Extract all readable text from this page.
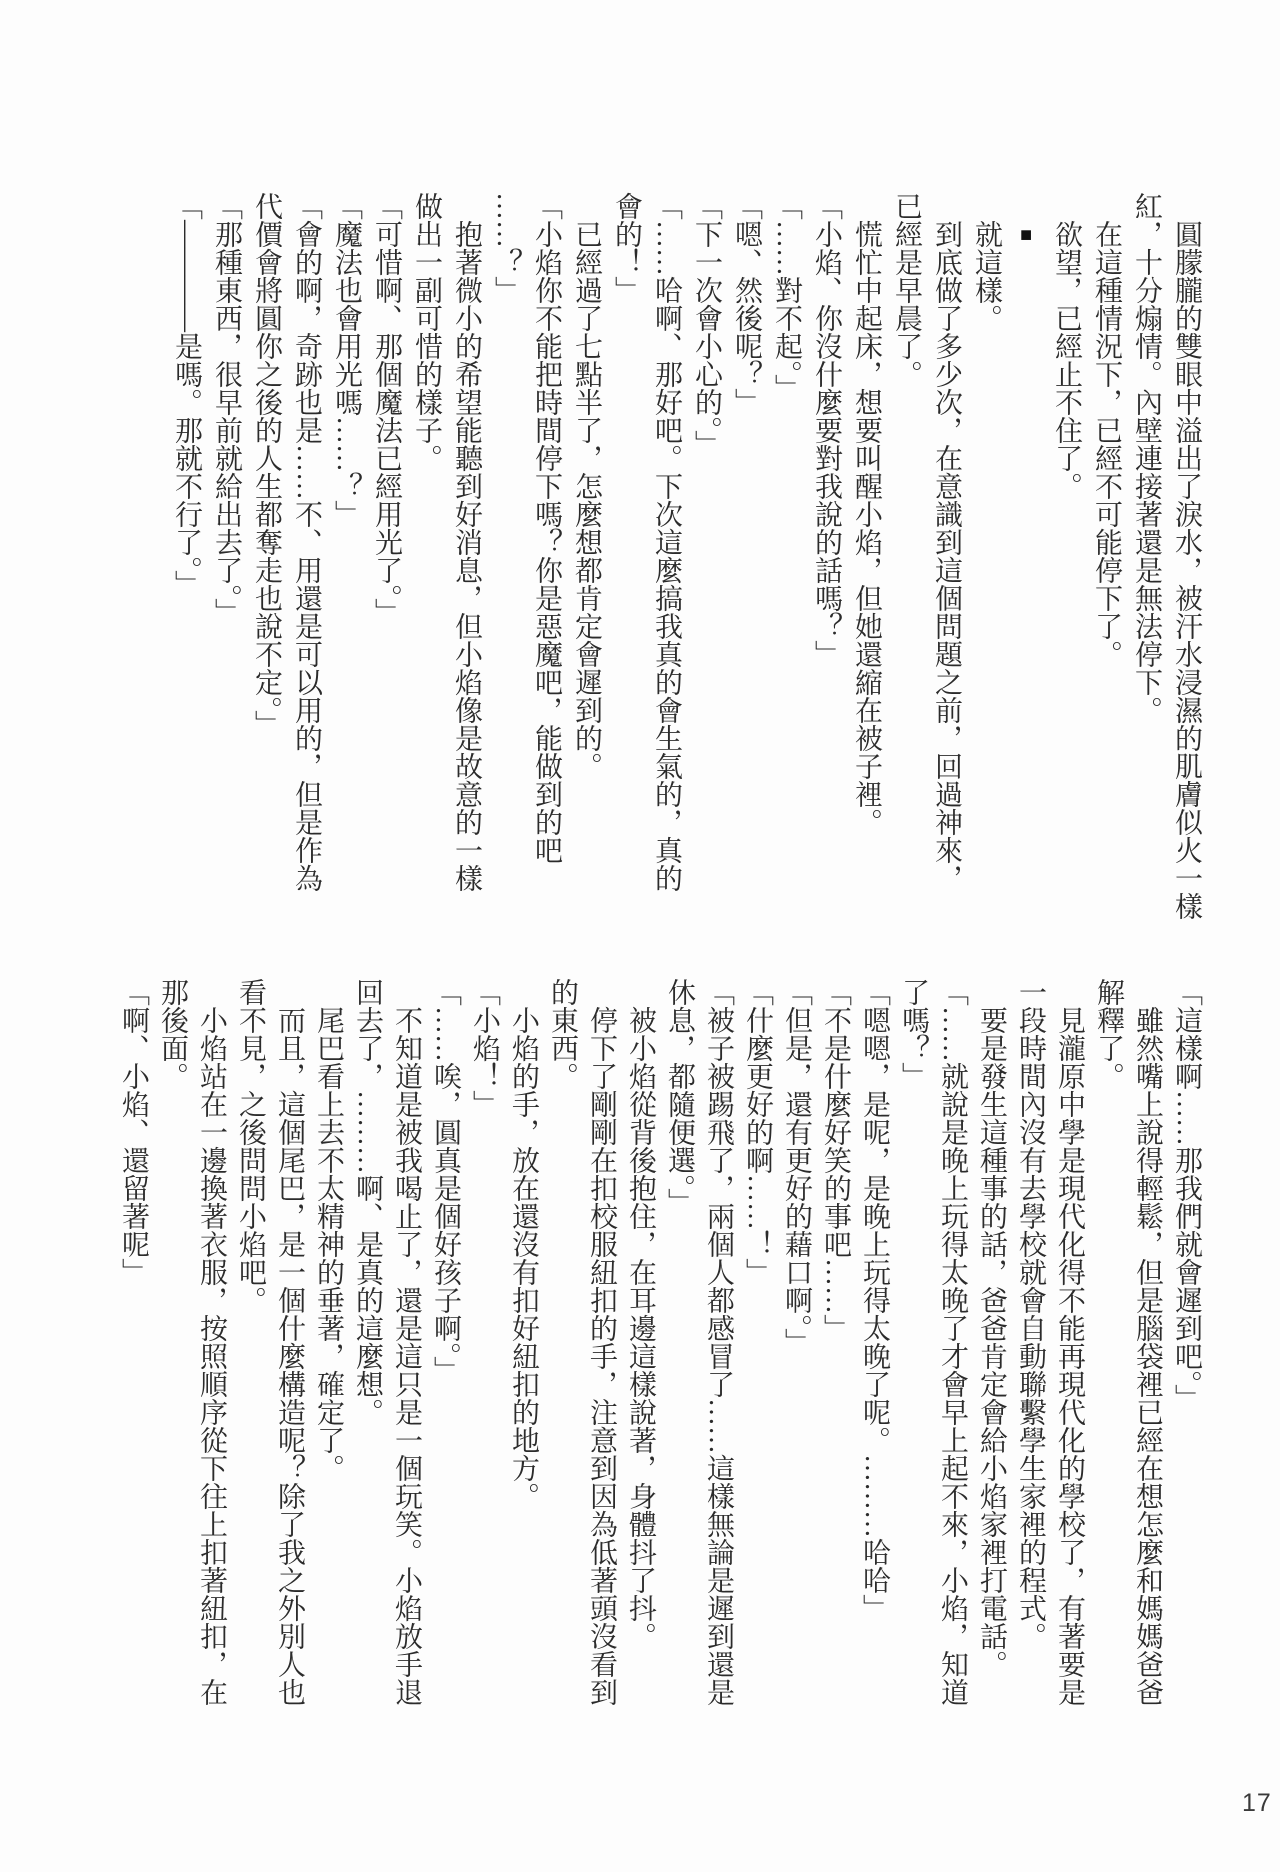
　圓朦朧的雙眼中溢出了淚水，被汗水浸濕的肌膚似火一樣

紅，十分煽情。內壁連接著還是無法停下。

　在這種情況下，已經不可能停下了。

　欲望，已經止不住了。

■

　就這樣。

　到底做了多少次，在意識到這個問題之前，回過神來，

已經是早晨了。

　慌忙中起床，想要叫醒小焰，但她還縮在被子裡。

「小焰、你沒什麼要對我說的話嗎？」

「……對不起。」

「嗯、然後呢？」

「下一次會小心的。」

「……哈啊、那好吧。下次這麼搞我真的會生氣的，真的

會的！」

　已經過了七點半了，怎麼想都肯定會遲到的。

「小焰你不能把時間停下嗎？你是惡魔吧，能做到的吧

……？」

　抱著微小的希望能聽到好消息，但小焰像是故意的一樣

做出一副可惜的樣子。

「可惜啊、那個魔法已經用光了。」

「魔法也會用光嗎……？」

「會的啊，奇跡也是……不、用還是可以用的，但是作為

代價會將圓你之後的人生都奪走也說不定。」

「那種東西，很早前就給出去了。」

「————是嗎。那就不行了。」

「這樣啊……那我們就會遲到吧。」

　雖然嘴上說得輕鬆，但是腦袋裡已經在想怎麼和媽媽爸爸

解釋了。

　見瀧原中學是現代化得不能再現代化的學校了，有著要是

一段時間內沒有去學校就會自動聯繫學生家裡的程式。

　要是發生這種事的話，爸爸肯定會給小焰家裡打電話。

「……就說是晚上玩得太晚了才會早上起不來，小焰，知道

了嗎？」

「嗯嗯，是呢，是晚上玩得太晚了呢。………哈哈」

「不是什麼好笑的事吧……」

「但是，還有更好的藉口啊。」

「什麼更好的啊……！」

「被子被踢飛了，兩個人都感冒了……這樣無論是遲到還是

休息，都隨便選。」

　被小焰從背後抱住，在耳邊這樣說著，身體抖了抖。

　停下了剛剛在扣校服紐扣的手，注意到因為低著頭沒看到

的東西。

　小焰的手，放在還沒有扣好紐扣的地方。

「小焰！」

「……唉，圓真是個好孩子啊。」

　不知道是被我喝止了，還是這只是一個玩笑。小焰放手退

回去了，………啊、是真的這麼想。

　尾巴看上去不太精神的垂著，確定了。

　而且，這個尾巴，是一個什麼構造呢？除了我之外別人也

看不見，之後問問小焰吧。

　小焰站在一邊換著衣服，按照順序從下往上扣著紐扣，在

那後面。

「啊、小焰、還留著呢」

17
